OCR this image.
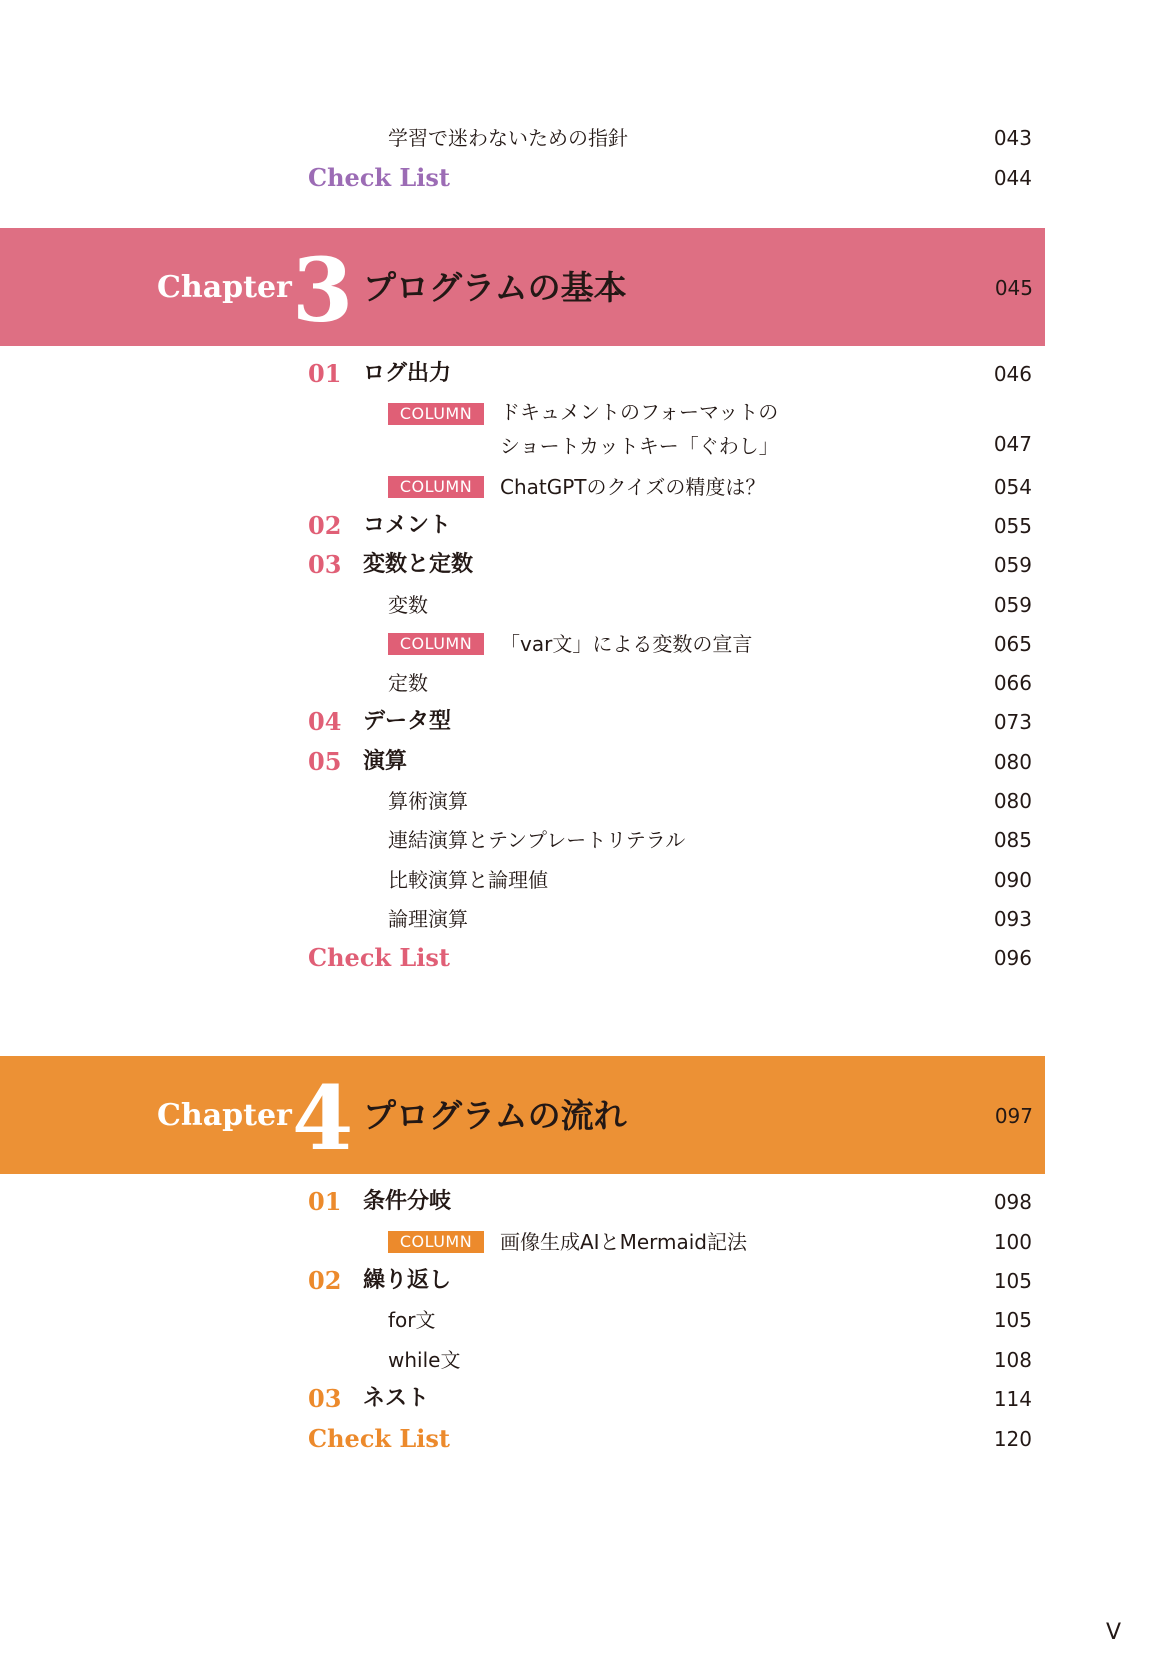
学習で迷わないための指針	043
Check List	044
Chapter 3 プログラムの基本	045
01 ログ出力	046
COLUMN	ドキュメントのフォーマットの
ショートカットキー「ぐわし」	047
COLUMN	ChatGPTのクイズの精度は？	054
02 コメント	055
03 変数と定数	059
変数	059
COLUMN	「var文」による変数の宣言	065
定数	066
04 データ型	073
05 演算	080
算術演算	080
連結演算とテンプレートリテラル	085
比較演算と論理値	090
論理演算	093
Check List	096
Chapter 4 プログラムの流れ	097
01 条件分岐	098
COLUMN	画像生成AIとMermaid記法	100
02 繰り返し	105
for文	105
while文	108
03 ネスト	114
Check List	120
V
